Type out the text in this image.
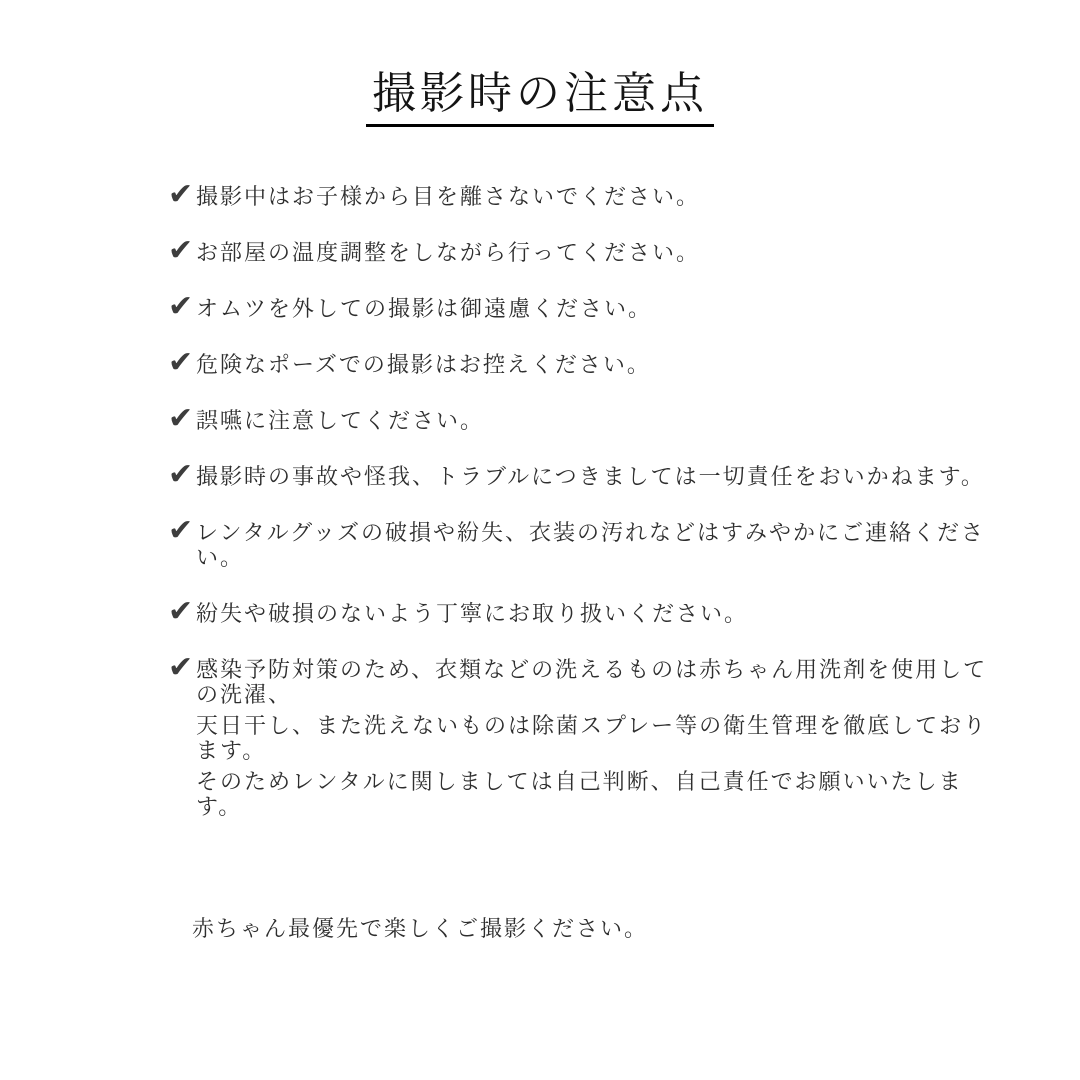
撮影時の注意点
✔ 撮影中はお子様から目を離さないでください。
✔ お部屋の温度調整をしながら行ってください。
✔ オムツを外しての撮影は御遠慮ください。
✔ 危険なポーズでの撮影はお控えください。
✔ 誤嚥に注意してください。
✔ 撮影時の事故や怪我、トラブルにつきましては一切責任をおいかねます。
✔ レンタルグッズの破損や紛失、衣装の汚れなどはすみやかにご連絡ください。
✔ 紛失や破損のないよう丁寧にお取り扱いください。
✔ 感染予防対策のため、衣類などの洗えるものは赤ちゃん用洗剤を使用しての洗濯、
天日干し、また洗えないものは除菌スプレー等の衛生管理を徹底しております。
そのためレンタルに関しましては自己判断、自己責任でお願いいたします。

赤ちゃん最優先で楽しくご撮影ください。
